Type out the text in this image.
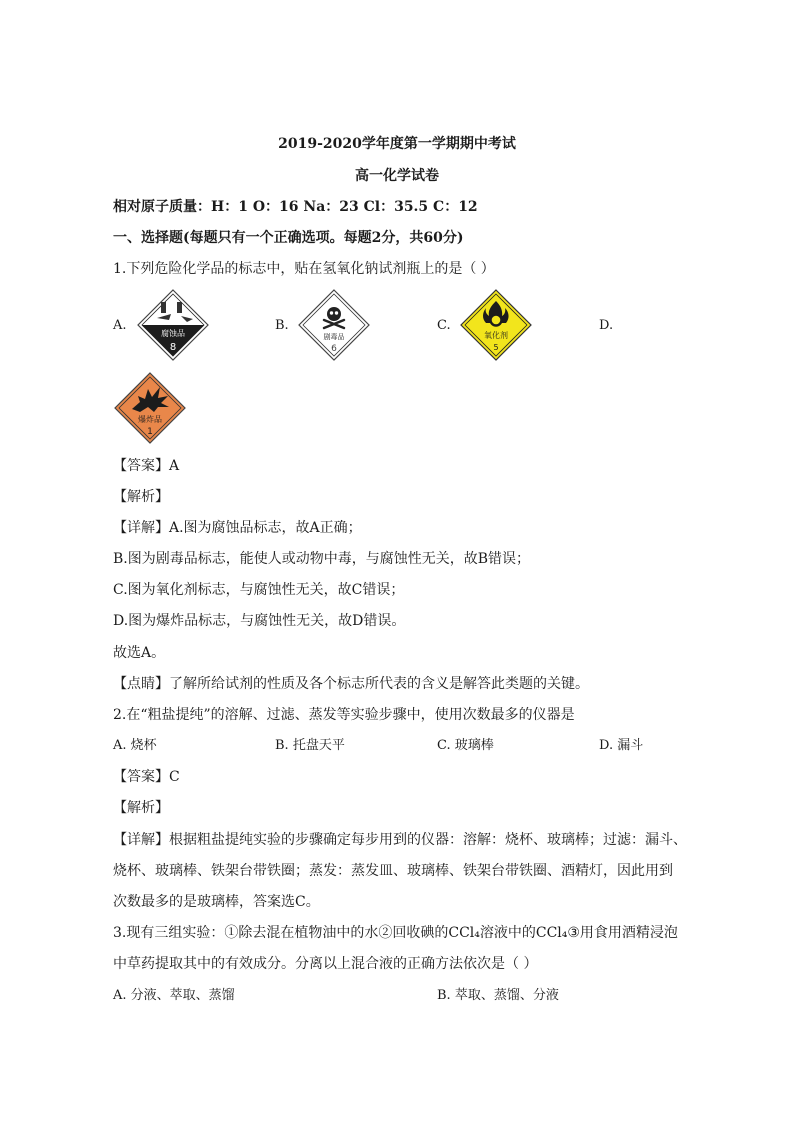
2019-2020学年度第一学期期中考试
高一化学试卷
相对原子质量：H：1 O：16 Na：23 Cl：35.5 C：12
一、选择题(每题只有一个正确选项。每题2分，共60分)
1.下列危险化学品的标志中，贴在氢氧化钠试剂瓶上的是（ ）
A.
腐蚀品
8
B.
剧毒品
6
C.
氧化剂
5
D.
爆炸品
1
【答案】A
【解析】
【详解】A.图为腐蚀品标志，故A正确；
B.图为剧毒品标志，能使人或动物中毒，与腐蚀性无关，故B错误；
C.图为氧化剂标志，与腐蚀性无关，故C错误；
D.图为爆炸品标志，与腐蚀性无关，故D错误。
故选A。
【点睛】了解所给试剂的性质及各个标志所代表的含义是解答此类题的关键。
2.在“粗盐提纯”的溶解、过滤、蒸发等实验步骤中，使用次数最多的仪器是
A. 烧杯	B. 托盘天平	C. 玻璃棒	D. 漏斗
【答案】C
【解析】
【详解】根据粗盐提纯实验的步骤确定每步用到的仪器：溶解：烧杯、玻璃棒；过滤：漏斗、
烧杯、玻璃棒、铁架台带铁圈；蒸发：蒸发皿、玻璃棒、铁架台带铁圈、酒精灯，因此用到
次数最多的是玻璃棒，答案选C。
3.现有三组实验：①除去混在植物油中的水②回收碘的CCl₄溶液中的CCl₄③用食用酒精浸泡
中草药提取其中的有效成分。分离以上混合液的正确方法依次是（ ）
A. 分液、萃取、蒸馏	B. 萃取、蒸馏、分液
